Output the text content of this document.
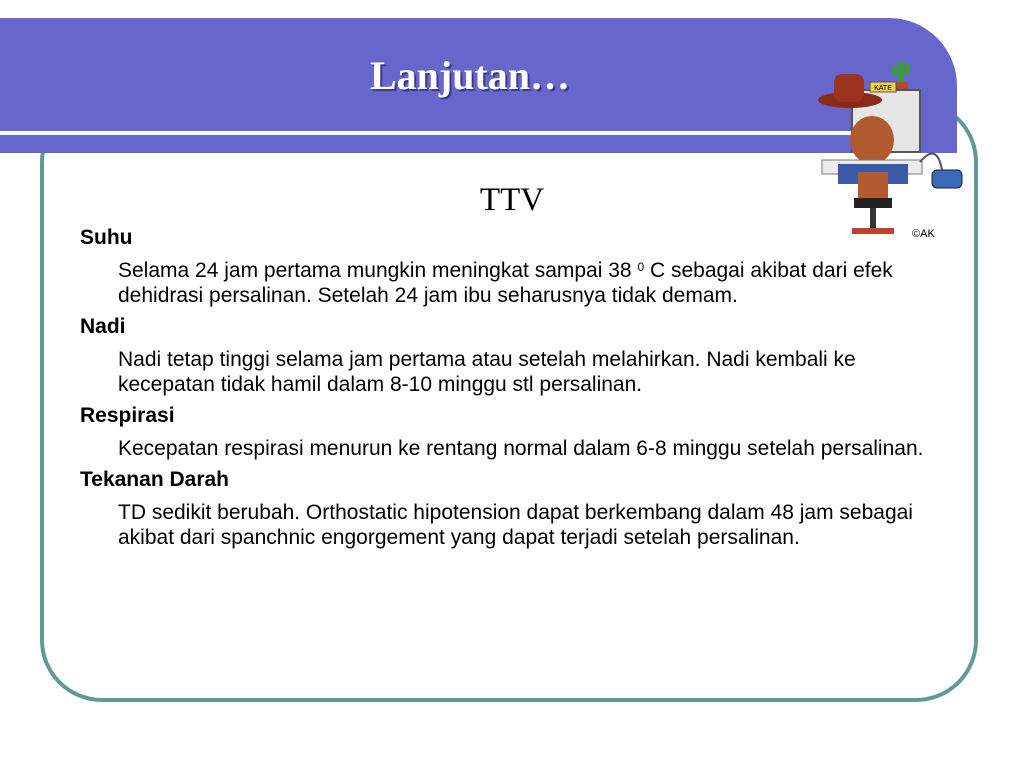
Lanjutan…	KATE
©AK
TTV

Suhu

Selama 24 jam pertama mungkin meningkat sampai 38 $^0$ C sebagai akibat dari efek dehidrasi persalinan. Setelah 24 jam ibu seharusnya tidak demam.

Nadi

Nadi tetap tinggi selama jam pertama atau setelah melahirkan. Nadi kembali ke kecepatan tidak hamil dalam 8-10 minggu stl persalinan.

Respirasi

Kecepatan respirasi menurun ke rentang normal dalam 6-8 minggu setelah persalinan.

Tekanan Darah

TD sedikit berubah. Orthostatic hipotension dapat berkembang dalam 48 jam sebagai akibat dari spanchnic engorgement yang dapat terjadi setelah persalinan.
